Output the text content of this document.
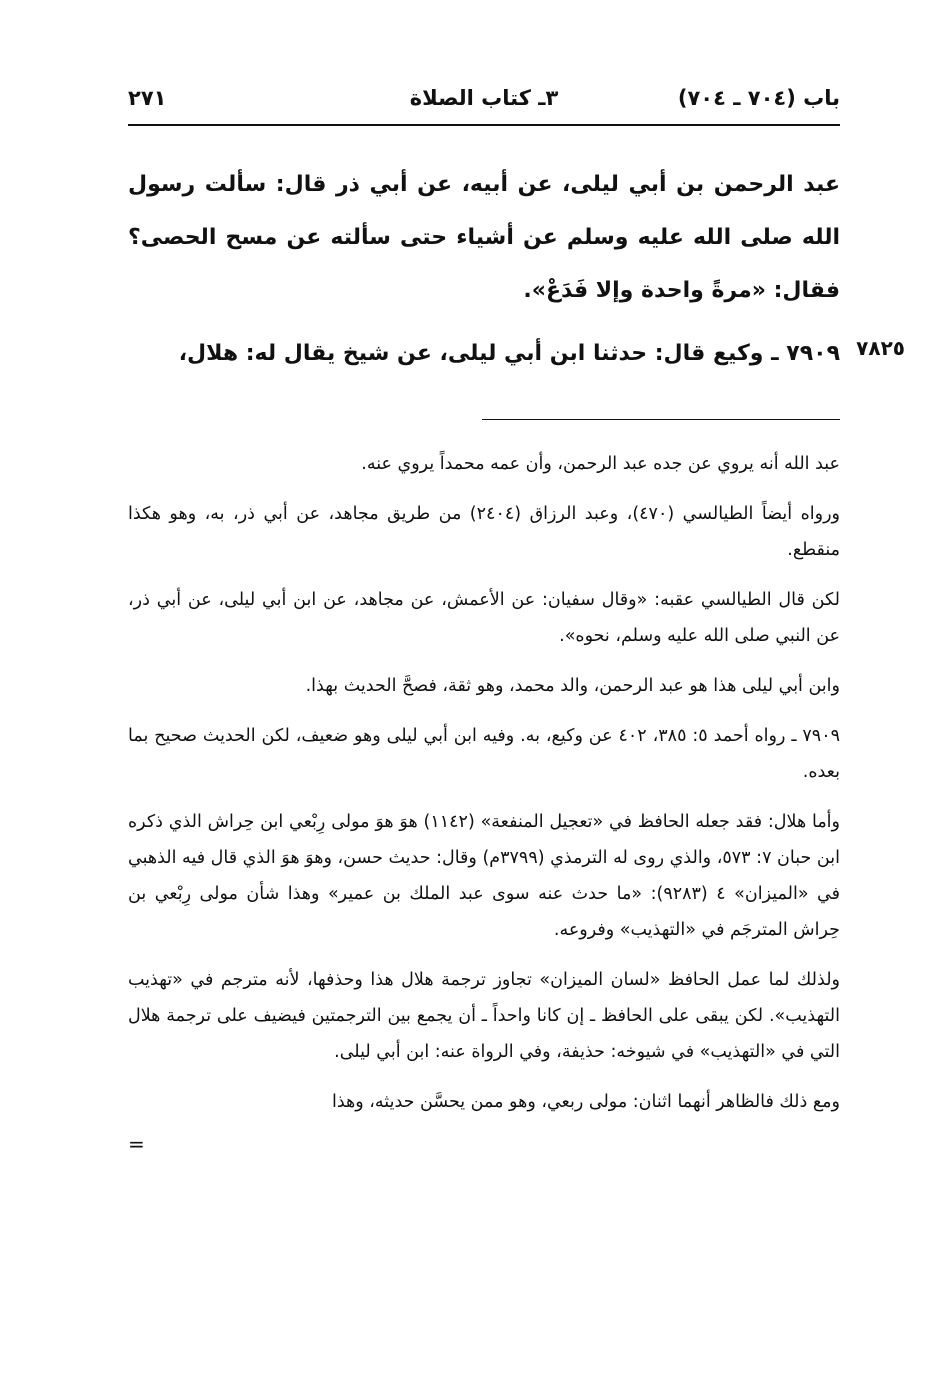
باب (٧٠٤ ـ ٧٠٤)
٣ـ كتاب الصلاة
٢٧١

عبد الرحمن بن أبي ليلى، عن أبيه، عن أبي ذر قال: سألت رسول الله صلى الله عليه وسلم عن أشياء حتى سألته عن مسح الحصى؟ فقال: «مرةً واحدة وإلا فَدَعْ».

٧٩٠٩ ـ وكيع قال: حدثنا ابن أبي ليلى، عن شيخ يقال له: هلال،	٧٨٢٥

عبد الله أنه يروي عن جده عبد الرحمن، وأن عمه محمداً يروي عنه.

ورواه أيضاً الطيالسي (٤٧٠)، وعبد الرزاق (٢٤٠٤) من طريق مجاهد، عن أبي ذر، به، وهو هكذا منقطع.

لكن قال الطيالسي عقبه: «وقال سفيان: عن الأعمش، عن مجاهد، عن ابن أبي ليلى، عن أبي ذر، عن النبي صلى الله عليه وسلم، نحوه».

وابن أبي ليلى هذا هو عبد الرحمن، والد محمد، وهو ثقة، فصحَّ الحديث بهذا.

٧٩٠٩ ـ رواه أحمد ٥: ٣٨٥، ٤٠٢ عن وكيع، به. وفيه ابن أبي ليلى وهو ضعيف، لكن الحديث صحيح بما بعده.

وأما هلال: فقد جعله الحافظ في «تعجيل المنفعة» (١١٤٢) هوَ هوَ مولى رِبْعي ابن حِراش الذي ذكره ابن حبان ٧: ٥٧٣، والذي روى له الترمذي (٣٧٩٩م) وقال: حديث حسن، وهوَ هوَ الذي قال فيه الذهبي في «الميزان» ٤ (٩٢٨٣): «ما حدث عنه سوى عبد الملك بن عمير» وهذا شأن مولى رِبْعي بن حِراش المترجَم في «التهذيب» وفروعه.

ولذلك لما عمل الحافظ «لسان الميزان» تجاوز ترجمة هلال هذا وحذفها، لأنه مترجم في «تهذيب التهذيب». لكن يبقى على الحافظ ـ إن كانا واحداً ـ أن يجمع بين الترجمتين فيضيف على ترجمة هلال التي في «التهذيب» في شيوخه: حذيفة، وفي الرواة عنه: ابن أبي ليلى.

ومع ذلك فالظاهر أنهما اثنان: مولى ربعي، وهو ممن يحسَّن حديثه، وهذا

=
